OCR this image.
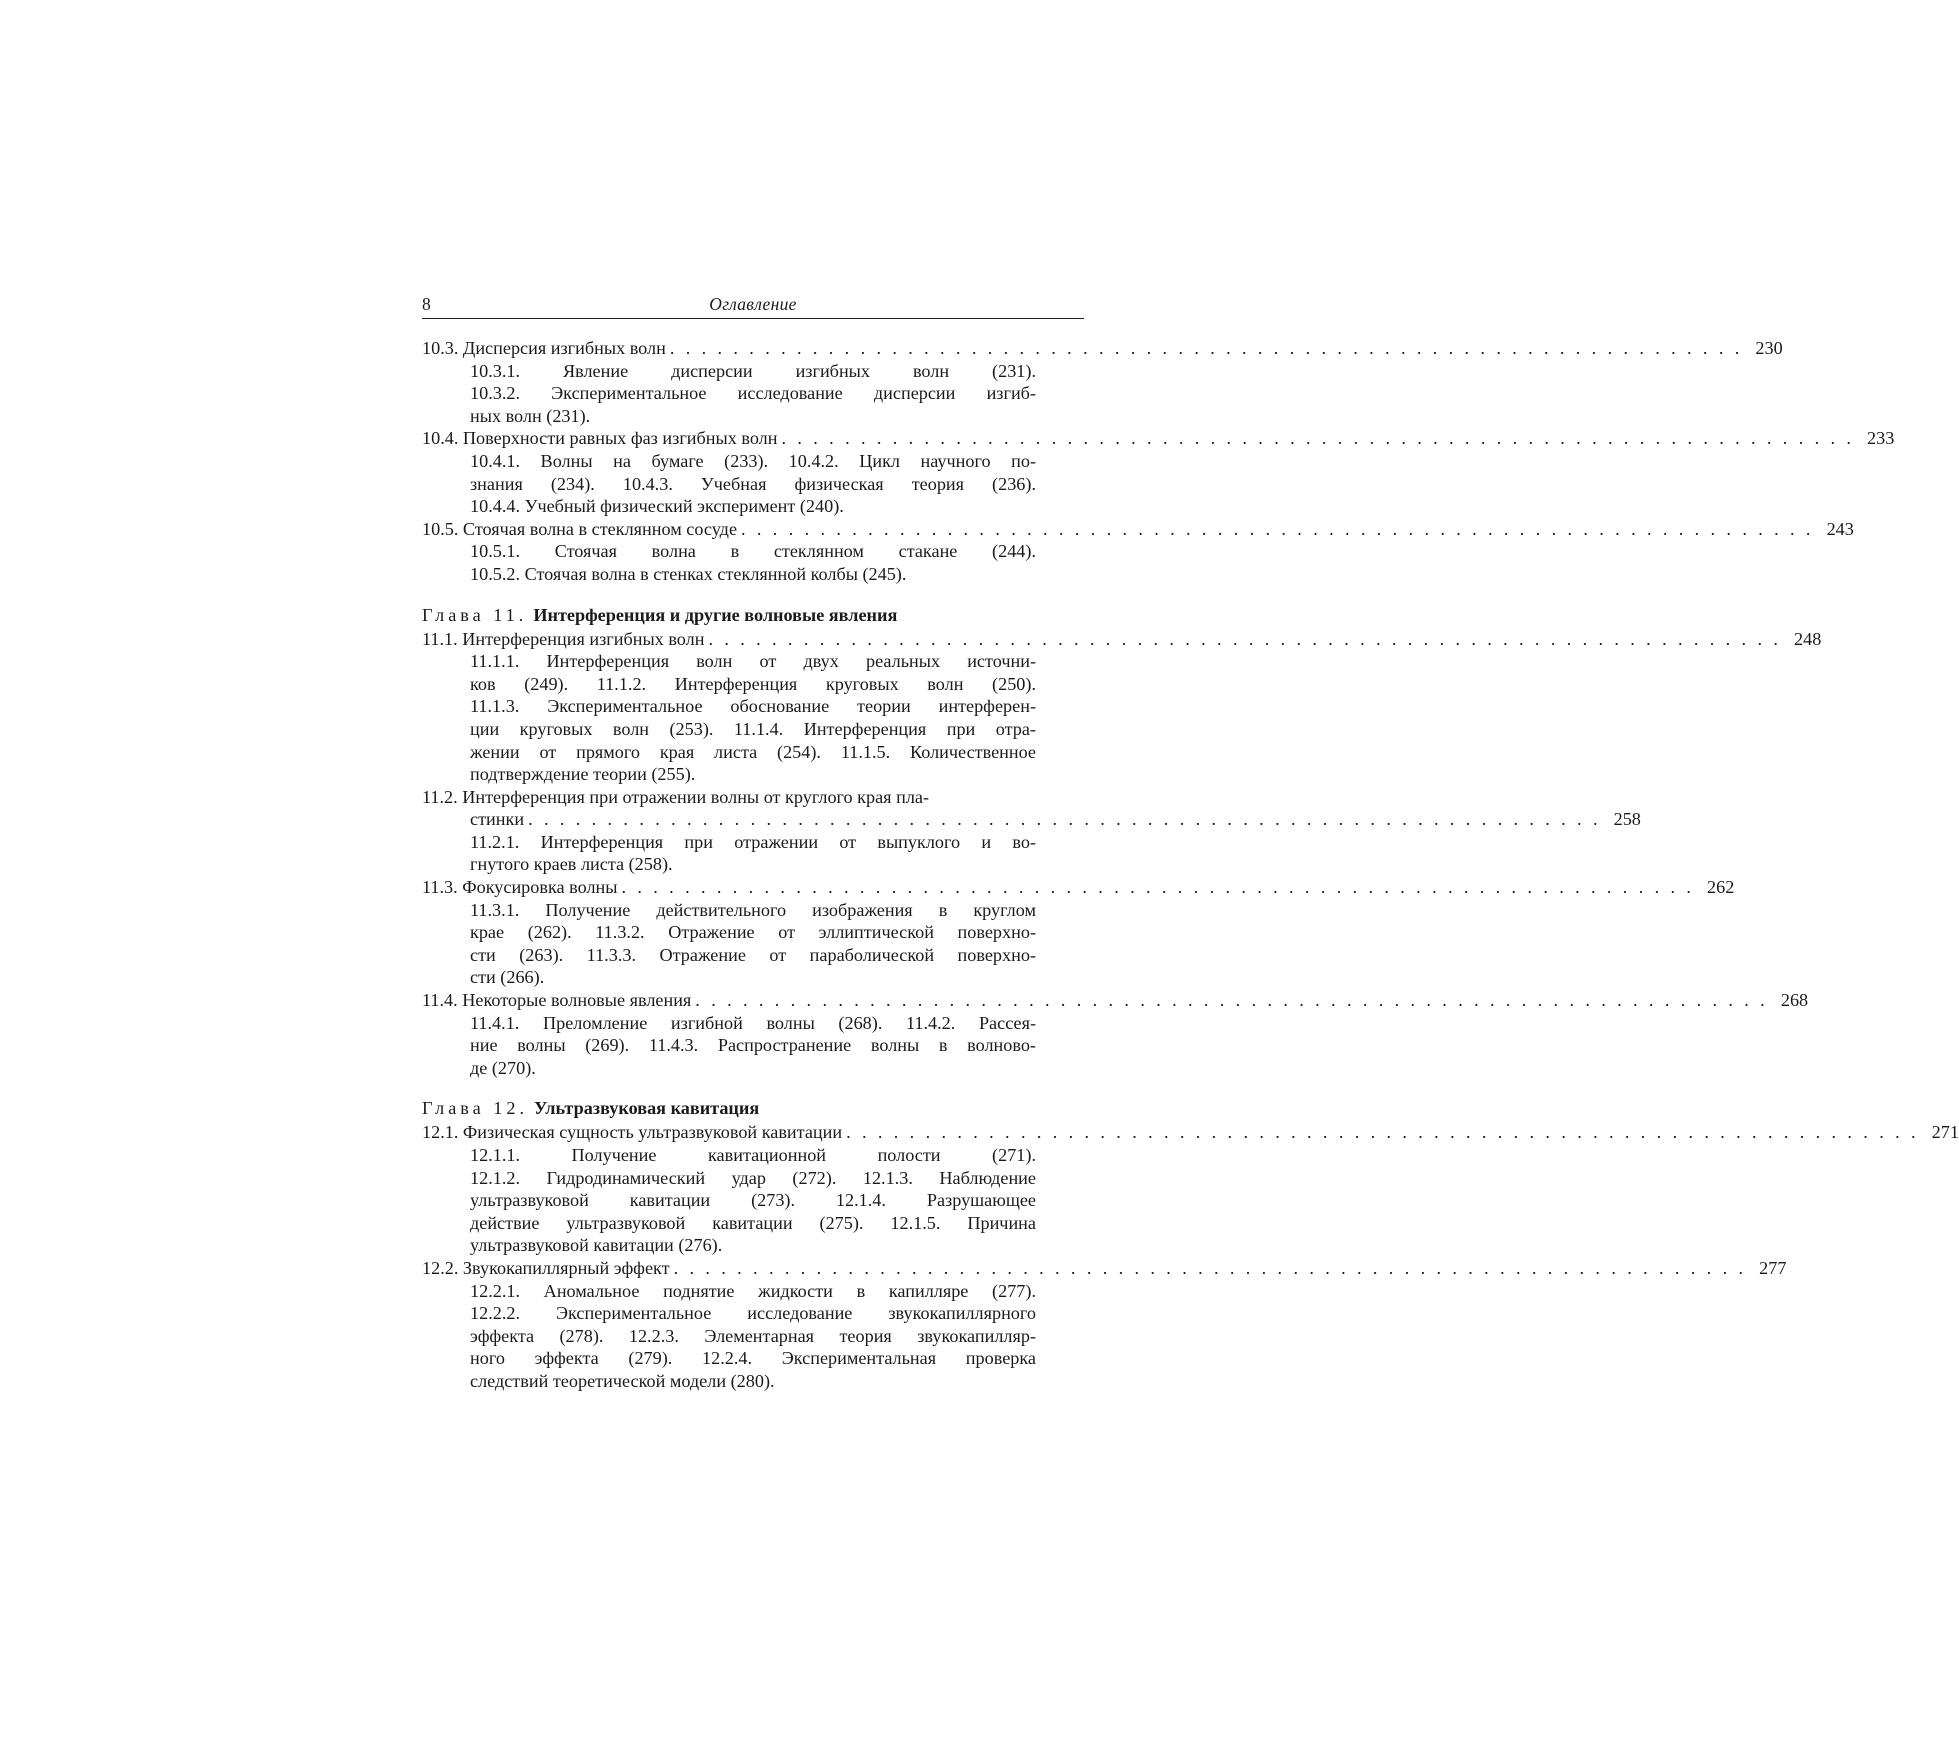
8	Оглавление
10.3. Дисперсия изгибных волн . . . . . . . . . . . . . . . . . . . . . . . . . . . . . . . . . . . . . . . . . . . . . . . . . . . . . . . . . . . . . . . . . . . . 230
10.3.1. Явление дисперсии изгибных волн (231).
10.3.2. Экспериментальное исследование дисперсии изгиб-
ных волн (231).
10.4. Поверхности равных фаз изгибных волн . . . . . . . . . . . . . . . . . . . . . . . . . . . . . . . . . . . . . . . . . . . . . . . . . . . . . . . . . . . . . . . . . . . . 233
10.4.1. Волны на бумаге (233). 10.4.2. Цикл научного по-
знания (234). 10.4.3. Учебная физическая теория (236).
10.4.4. Учебный физический эксперимент (240).
10.5. Стоячая волна в стеклянном сосуде . . . . . . . . . . . . . . . . . . . . . . . . . . . . . . . . . . . . . . . . . . . . . . . . . . . . . . . . . . . . . . . . . . . . 243
10.5.1. Стоячая волна в стеклянном стакане (244).
10.5.2. Стоячая волна в стенках стеклянной колбы (245).
Глава 11. Интерференция и другие волновые явления
11.1. Интерференция изгибных волн . . . . . . . . . . . . . . . . . . . . . . . . . . . . . . . . . . . . . . . . . . . . . . . . . . . . . . . . . . . . . . . . . . . . 248
11.1.1. Интерференция волн от двух реальных источни-
ков (249). 11.1.2. Интерференция круговых волн (250).
11.1.3. Экспериментальное обоснование теории интерферен-
ции круговых волн (253). 11.1.4. Интерференция при отра-
жении от прямого края листа (254). 11.1.5. Количественное
подтверждение теории (255).
11.2. Интерференция при отражении волны от круглого края пла-
стинки . . . . . . . . . . . . . . . . . . . . . . . . . . . . . . . . . . . . . . . . . . . . . . . . . . . . . . . . . . . . . . . . . . . . 258
11.2.1. Интерференция при отражении от выпуклого и во-
гнутого краев листа (258).
11.3. Фокусировка волны . . . . . . . . . . . . . . . . . . . . . . . . . . . . . . . . . . . . . . . . . . . . . . . . . . . . . . . . . . . . . . . . . . . . 262
11.3.1. Получение действительного изображения в круглом
крае (262). 11.3.2. Отражение от эллиптической поверхно-
сти (263). 11.3.3. Отражение от параболической поверхно-
сти (266).
11.4. Некоторые волновые явления . . . . . . . . . . . . . . . . . . . . . . . . . . . . . . . . . . . . . . . . . . . . . . . . . . . . . . . . . . . . . . . . . . . . 268
11.4.1. Преломление изгибной волны (268). 11.4.2. Рассея-
ние волны (269). 11.4.3. Распространение волны в волново-
де (270).
Глава 12. Ультразвуковая кавитация
12.1. Физическая сущность ультразвуковой кавитации . . . . . . . . . . . . . . . . . . . . . . . . . . . . . . . . . . . . . . . . . . . . . . . . . . . . . . . . . . . . . . . . . . . . 271
12.1.1. Получение кавитационной полости (271).
12.1.2. Гидродинамический удар (272). 12.1.3. Наблюдение
ультразвуковой кавитации (273). 12.1.4. Разрушающее
действие ультразвуковой кавитации (275). 12.1.5. Причина
ультразвуковой кавитации (276).
12.2. Звукокапиллярный эффект . . . . . . . . . . . . . . . . . . . . . . . . . . . . . . . . . . . . . . . . . . . . . . . . . . . . . . . . . . . . . . . . . . . . 277
12.2.1. Аномальное поднятие жидкости в капилляре (277).
12.2.2. Экспериментальное исследование звукокапиллярного
эффекта (278). 12.2.3. Элементарная теория звукокапилляр-
ного эффекта (279). 12.2.4. Экспериментальная проверка
следствий теоретической модели (280).
